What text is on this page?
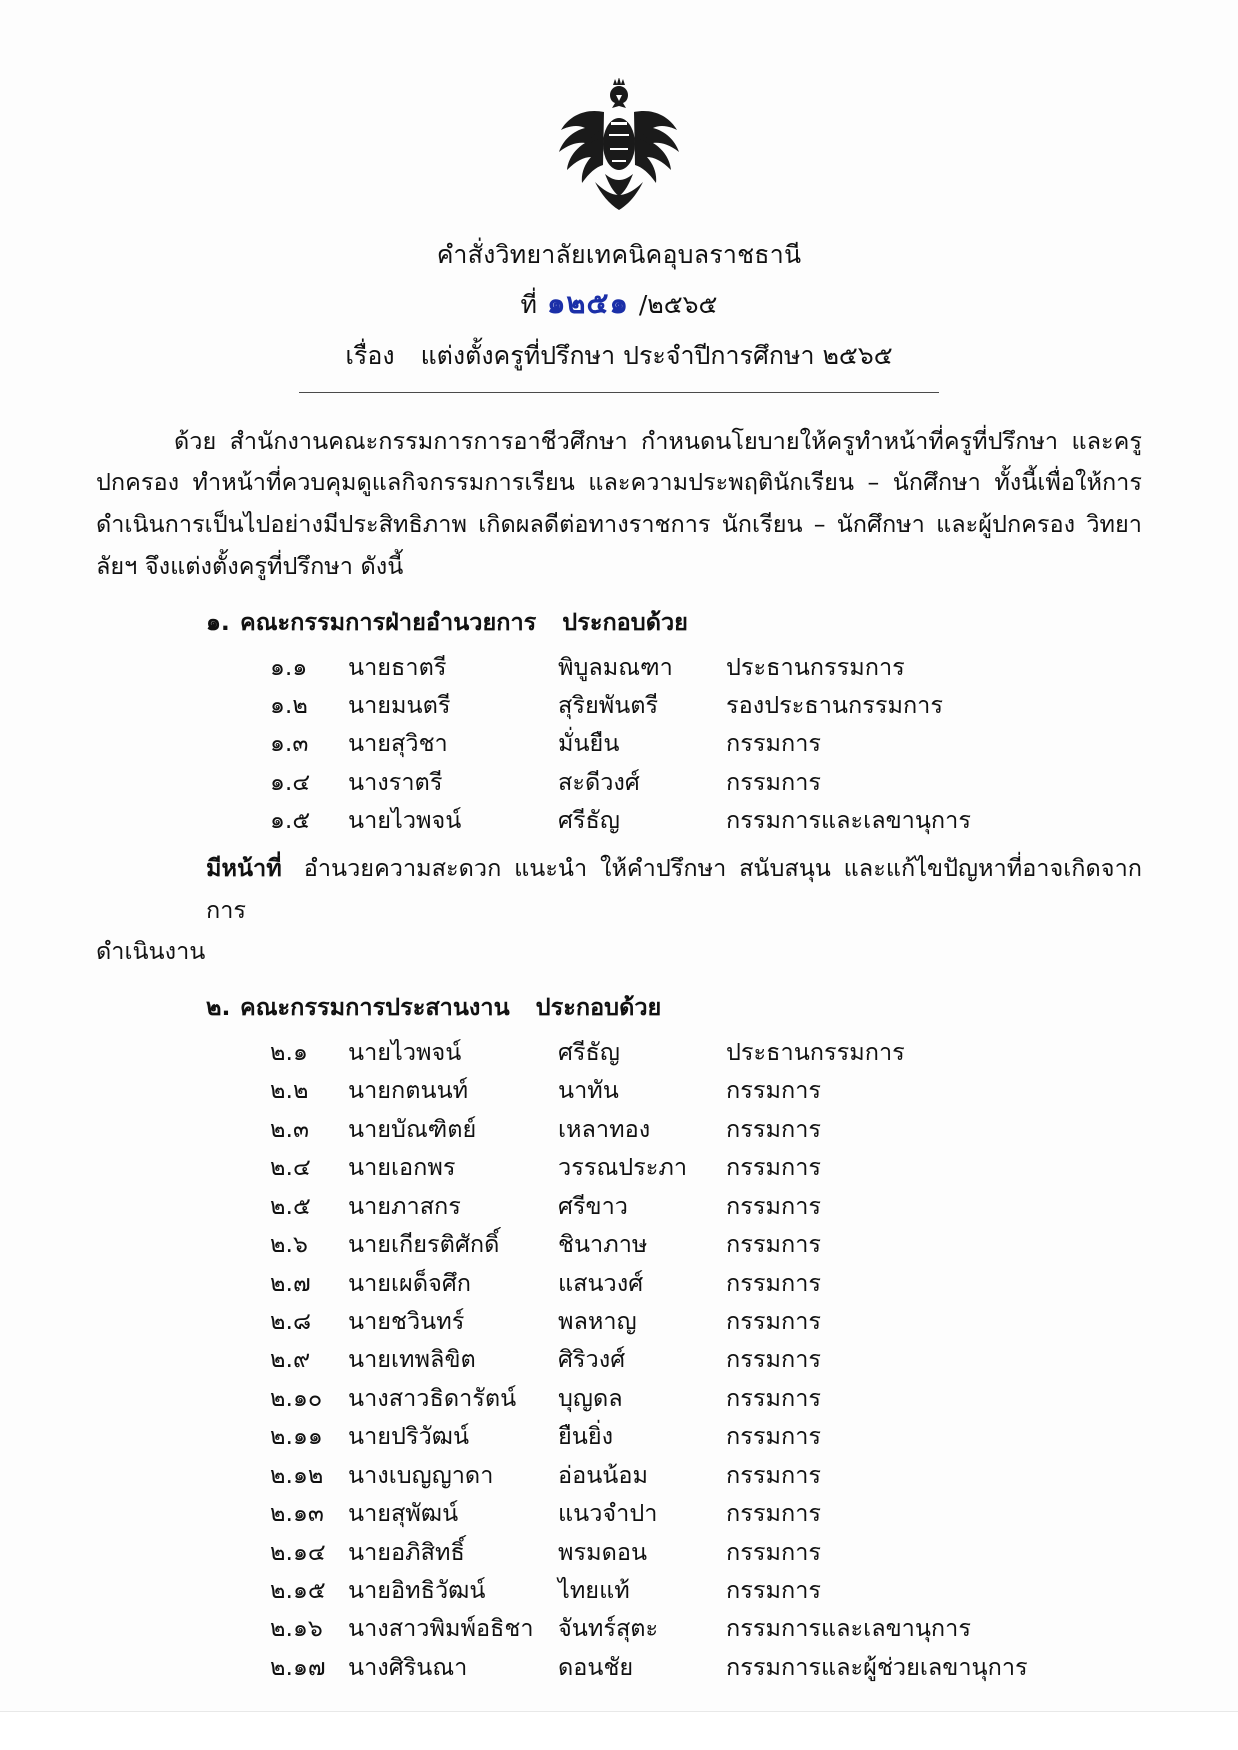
คำสั่งวิทยาลัยเทคนิคอุบลราชธานี
ที่ ๑๒๕๑ /๒๕๖๕
เรื่อง แต่งตั้งครูที่ปรึกษา ประจำปีการศึกษา ๒๕๖๕
ด้วย สำนักงานคณะกรรมการการอาชีวศึกษา กำหนดนโยบายให้ครูทำหน้าที่ครูที่ปรึกษา และครูปกครอง ทำหน้าที่ควบคุมดูแลกิจกรรมการเรียน และความประพฤตินักเรียน – นักศึกษา ทั้งนี้เพื่อให้การดำเนินการเป็นไปอย่างมีประสิทธิภาพ เกิดผลดีต่อทางราชการ นักเรียน – นักศึกษา และผู้ปกครอง วิทยาลัยฯ จึงแต่งตั้งครูที่ปรึกษา ดังนี้
๑. คณะกรรมการฝ่ายอำนวยการ ประกอบด้วย
๑.๑	นายธาตรี	พิบูลมณฑา	ประธานกรรมการ
๑.๒	นายมนตรี	สุริยพันตรี	รองประธานกรรมการ
๑.๓	นายสุวิชา	มั่นยืน	กรรมการ
๑.๔	นางราตรี	สะดีวงศ์	กรรมการ
๑.๕	นายไวพจน์	ศรีธัญ	กรรมการและเลขานุการ
มีหน้าที่ อำนวยความสะดวก แนะนำ ให้คำปรึกษา สนับสนุน และแก้ไขปัญหาที่อาจเกิดจากการ
ดำเนินงาน
๒. คณะกรรมการประสานงาน ประกอบด้วย
๒.๑	นายไวพจน์	ศรีธัญ	ประธานกรรมการ
๒.๒	นายกตนนท์	นาทัน	กรรมการ
๒.๓	นายบัณฑิตย์	เหลาทอง	กรรมการ
๒.๔	นายเอกพร	วรรณประภา	กรรมการ
๒.๕	นายภาสกร	ศรีขาว	กรรมการ
๒.๖	นายเกียรติศักดิ์	ชินาภาษ	กรรมการ
๒.๗	นายเผด็จศึก	แสนวงศ์	กรรมการ
๒.๘	นายชวินทร์	พลหาญ	กรรมการ
๒.๙	นายเทพลิขิต	ศิริวงศ์	กรรมการ
๒.๑๐	นางสาวธิดารัตน์	บุญดล	กรรมการ
๒.๑๑	นายปริวัฒน์	ยืนยิ่ง	กรรมการ
๒.๑๒	นางเบญญาดา	อ่อนน้อม	กรรมการ
๒.๑๓	นายสุพัฒน์	แนวจำปา	กรรมการ
๒.๑๔	นายอภิสิทธิ์	พรมดอน	กรรมการ
๒.๑๕	นายอิทธิวัฒน์	ไทยแท้	กรรมการ
๒.๑๖	นางสาวพิมพ์อธิชา	จันทร์สุตะ	กรรมการและเลขานุการ
๒.๑๗	นางศิรินณา	ดอนชัย	กรรมการและผู้ช่วยเลขานุการ
